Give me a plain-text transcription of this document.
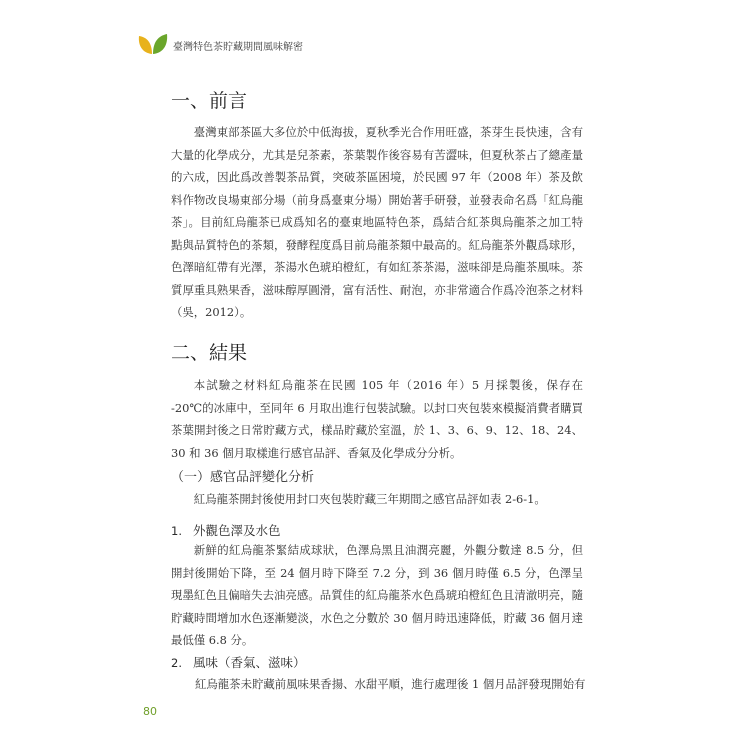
臺灣特色茶貯藏期間風味解密
一、前言

臺灣東部茶區大多位於中低海拔，夏秋季光合作用旺盛，茶芽生長快速，含有大量的化學成分，尤其是兒茶素，茶葉製作後容易有苦澀味，但夏秋茶占了總產量的六成，因此爲改善製茶品質，突破茶區困境，於民國 97 年（2008 年）茶及飲料作物改良場東部分場（前身爲臺東分場）開始著手研發，並發表命名爲「紅烏龍茶」。目前紅烏龍茶已成爲知名的臺東地區特色茶，爲結合紅茶與烏龍茶之加工特點與品質特色的茶類，發酵程度爲目前烏龍茶類中最高的。紅烏龍茶外觀爲球形，色澤暗紅帶有光澤，茶湯水色琥珀橙紅，有如紅茶茶湯，滋味卻是烏龍茶風味。茶質厚重具熟果香，滋味醇厚圓滑，富有活性、耐泡，亦非常適合作爲冷泡茶之材料（吳，2012）。

二、結果

本試驗之材料紅烏龍茶在民國 105 年（2016 年）5 月採製後，保存在 -20℃的冰庫中，至同年 6 月取出進行包裝試驗。以封口夾包裝來模擬消費者購買茶葉開封後之日常貯藏方式，樣品貯藏於室溫，於 1、3、6、9、12、18、24、30 和 36 個月取樣進行感官品評、香氣及化學成分分析。

（一）感官品評變化分析

紅烏龍茶開封後使用封口夾包裝貯藏三年期間之感官品評如表 2-6-1。

1. 外觀色澤及水色

新鮮的紅烏龍茶緊結成球狀，色澤烏黑且油潤亮麗，外觀分數達 8.5 分，但開封後開始下降，至 24 個月時下降至 7.2 分，到 36 個月時僅 6.5 分，色澤呈現墨紅色且偏暗失去油亮感。品質佳的紅烏龍茶水色爲琥珀橙紅色且清澈明亮，隨貯藏時間增加水色逐漸變淡，水色之分數於 30 個月時迅速降低，貯藏 36 個月達最低僅 6.8 分。

2. 風味（香氣、滋味）

紅烏龍茶未貯藏前風味果香揚、水甜平順，進行處理後 1 個月品評發現開始有

80
